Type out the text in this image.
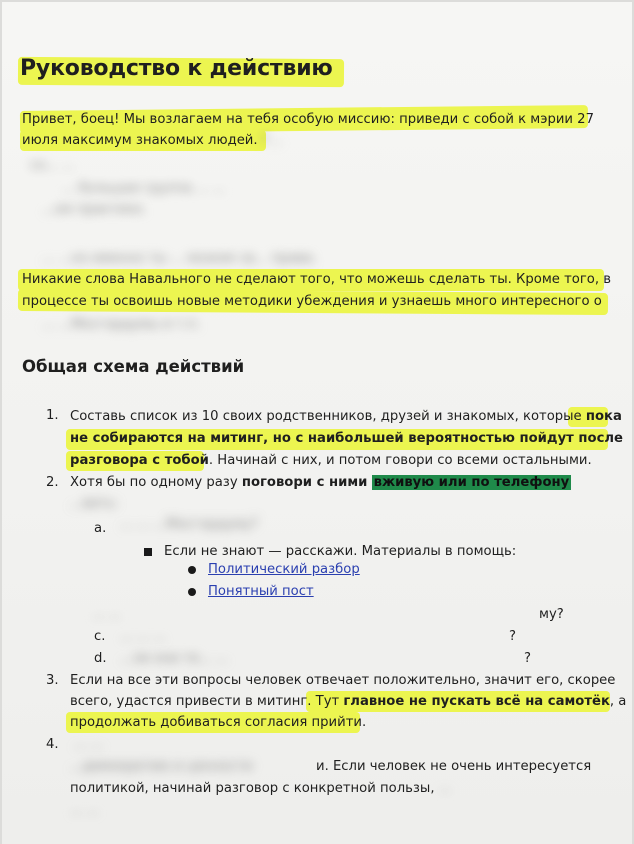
Руководство к действию
Привет, боец! Мы возлагаем на тебя особую миссию: приведи с собой к мэрии 27
июля максимум знакомых людей. Г...
со... ...
... большая группа ... ...
...ом практике.
... ...но именно ты ... можем за... права.
Никакие слова Навального не сделают того, что можешь сделать ты. Кроме того, в
процессе ты освоишь новые методики убеждения и узнаешь много интересного о
... ...Мосгордумы и т.п.
Общая схема действий
1. Составь список из 10 своих родственников, друзей и знакомых, которые пока
не собираются на митинг, но с наибольшей вероятностью пойдут после
разговора с тобой. Начинай с них, и потом говори со всеми остальными.
2. Хотя бы по одному разу поговори с ними вживую или по телефону
...вать:
a. ... ... ...Мосгордуму?
Если не знают — расскажи. Материалы в помощь:
Политический разбор
Понятный пост
... ...	му?
c. ... ... ...	?
d. ...ли они те... ...	?
3. Если на все эти вопросы человек отвечает положительно, значит его, скорее
всего, удастся привести в митинг. Тут главное не пускать всё на самотёк, а
продолжать добиваться согласия прийти.
4. ... ...
...демократию и ценности	и. Если человек не очень интересуется
политикой, начинай разговор с конкретной пользы, ...
... ...
